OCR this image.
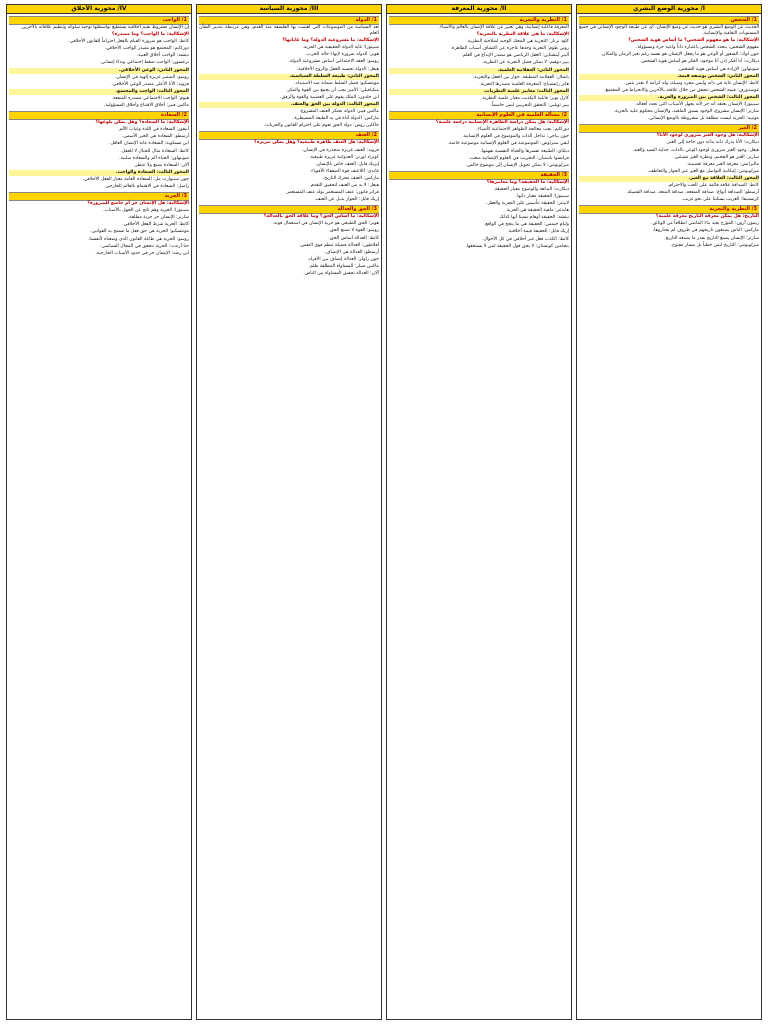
I/ محورية الوضع البشري
1/ الشخص

الحديث عن الوضع البشري هو حديث عن وضع الإنسان، أي عن طبيعة الوجود الإنساني في جميع المستويات الثقافية والإنسانية.

الإشكالية: ما هو مفهوم الشخص؟ ما أساس هوية الشخص؟

مفهوم الشخص: يتحدد الشخص باعتباره ذاتاً واعية حرة ومسؤولة.

جون لوك: الشعور أو الوعي هو ما يجعل الإنسان هو نفسه رغم تغير الزمان والمكان.

ديكارت: أنا أفكر إذن أنا موجود، الفكر هو أساس هوية الشخص.

شوبنهاور: الإرادة هي أساس هوية الشخص.

المحور الثاني: الشخص بوصفه قيمة.

كانط: الإنسان غاية في ذاته وليس مجرد وسيلة، وله كرامة لا تقدر بثمن.

غوسدورف: قيمة الشخص تتحقق من خلال علاقته بالآخرين والانخراط في المجتمع.

المحور الثالث: الشخص بين الضرورة والحرية.

سبينوزا: الإنسان يعتقد أنه حر لأنه يجهل الأسباب التي تحدد أفعاله.

سارتر: الإنسان مشروع، الوجود يسبق الماهية، والإنسان محكوم عليه بالحرية.

مونييه: الحرية ليست مطلقة بل مشروطة بالوضع الإنساني.

2/ الغير

الإشكالية: هل وجود الغير ضروري لوجود الأنا؟

ديكارت: الأنا يدرك ذاته بذاته دون حاجة إلى الغير.

هيغل: وجود الغير ضروري لوجود الوعي بالذات، جدلية السيد والعبد.

سارتر: الغير هو الجحيم، ونظرة الغير تشيئني.

مالبرانش: معرفة الغير معرفة تخمينية.

ميرلوبونتي: إمكانية التواصل مع الغير عبر الحوار والتعاطف.

المحور الثالث: العلاقة مع الغير.

كانط: الصداقة علاقة قائمة على الحب والاحترام.

أرسطو: الصداقة أنواع: صداقة المنفعة، صداقة المتعة، صداقة الفضيلة.

كريستيفا: الغريب يسكننا على نحو غريب.

3/ النظرية والتجربة

التاريخ: هل يمكن معرفة التاريخ معرفة علمية؟

ريمون آرون: المؤرخ يعيد بناء الماضي انطلاقاً من الوثائق.

ماركس: الناس يصنعون تاريخهم في ظروف لم يختاروها.

سارتر: الإنسان يصنع التاريخ بقدر ما يصنعه التاريخ.

ميرلوبونتي: التاريخ ليس خطياً بل مسار مفتوح.

II/ محورية المعرفة
1/ النظرية والتجربة

المعرفة فاعلية إنسانية، وهي تعبير عن علاقة الإنسان بالعالم والأشياء.

الإشكالية: ما هي علاقة النظرية بالتجربة؟

كلود برنار: التجربة هي المحك الوحيد لصلاحية النظرية.

روني طوم: التجربة وحدها عاجزة عن اكتشاف أسباب الظاهرة.

ألبير أينشتاين: العقل الرياضي هو مصدر الإبداع في العلم.

بيير دوهيم: لا يمكن فصل التجربة عن النظرية.

المحور الثاني: العقلانية العلمية.

باشلار: العقلانية المطبقة، حوار بين العقل والتجربة.

هانز رايشنباخ: المعرفة العلمية مصدرها التجربة.

المحور الثالث: معايير علمية النظريات.

كارل بوبر: قابلية التكذيب معيار علمية النظرية.

بيير تويليي: التحقق التجريبي ليس حاسماً.

2/ مسألة العلمية في العلوم الإنسانية

الإشكالية: هل يمكن دراسة الظاهرة الإنسانية دراسة علمية؟

دوركايم: يجب معالجة الظواهر الاجتماعية كأشياء.

جون بياجي: تداخل الذات والموضوع في العلوم الإنسانية.

ليفي ستراوس: الموضوعية في العلوم الإنسانية موضوعية خاصة.

ديلتاي: الطبيعة نفسرها والحياة النفسية نفهمها.

فرانسوا باستيان: التجريب في العلوم الإنسانية صعب.

ميرلوبونتي: لا يمكن تحويل الإنسان إلى موضوع خالص.

3/ الحقيقة

الإشكالية: ما الحقيقة؟ وما معاييرها؟

ديكارت: البداهة والوضوح معيار الحقيقة.

سبينوزا: الحقيقة معيار ذاتها.

لايبنتز: الحقيقة تتأسس على التجربة والعقل.

هايدغر: ماهية الحقيقة هي الحرية.

نيتشه: الحقيقة أوهام نسينا أنها كذلك.

وليام جيمس: الحقيقة هي ما ينجح في الواقع.

إريك فايل: الحقيقة قيمة أخلاقية.

كانط: الكذب فعل غير أخلاقي في كل الأحوال.

بنجامين كونستان: لا يحق قول الحقيقة لمن لا يستحقها.

III/ محورية السياسة
1/ الدولة

تعد السياسة من الموضوعات التي اهتمت بها الفلسفة منذ القدم، وهي مرتبطة بتدبير الشأن العام.

الإشكالية: ما مشروعية الدولة؟ وما غاياتها؟

سبينوزا: غاية الدولة الحقيقية هي الحرية.

هوبز: الدولة ضرورة لإنهاء حالة الحرب.

روسو: العقد الاجتماعي أساس مشروعية الدولة.

هيغل: الدولة تجسيد للعقل والروح الأخلاقية.

المحور الثاني: طبيعة السلطة السياسية.

مونتسكيو: فصل السلط ضمانة ضد الاستبداد.

ميكيافيلي: الأمير يجب أن يجمع بين القوة والمكر.

ابن خلدون: الملك يقوم على العصبية والقوة والرفق.

المحور الثالث: الدولة بين الحق والعنف.

ماكس فيبر: الدولة تحتكر العنف المشروع.

ماركس: الدولة أداة في يد الطبقة المسيطرة.

جاكلين روس: دولة الحق تقوم على احترام القانون والحريات.

2/ العنف

الإشكالية: هل العنف ظاهرة طبيعية؟ وهل يمكن تبريره؟

فرويد: العنف غريزة متجذرة في الإنسان.

كونراد لورنز: العدوانية غريزة طبيعية.

إيريك فايل: العنف خاص بالإنسان.

غاندي: اللاعنف قوة الضعفاء الأقوياء.

ماركس: العنف محرك التاريخ.

هيغل: لا بد من العنف لتحقيق التقدم.

فرانز فانون: عنف المستعمر يولد عنف المستعمر.

إريك فايل: الحوار بديل عن العنف.

3/ الحق والعدالة

الإشكالية: ما أساس الحق؟ وما علاقة الحق بالعدالة؟

هوبز: الحق الطبيعي هو حرية الإنسان في استعمال قوته.

روسو: القوة لا تصنع الحق.

كانط: العدالة أساس الحق.

أفلاطون: العدالة فضيلة تنظم قوى النفس.

أرسطو: العدالة هي الإنصاف.

جون راولز: العدالة إنصاف بين الأفراد.

ماكس شيلر: المساواة المطلقة ظلم.

آلان: العدالة تحقيق المساواة بين الناس.

IV/ محورية الأخلاق
1/ الواجب

إن الإنسان مشروط بقيم أخلاقية يستطيع بواسطتها توجيه سلوكه وتنظيم علاقاته بالآخرين.

الإشكالية: ما الواجب؟ وما مصدره؟

كانط: الواجب هو ضرورة القيام بالفعل احتراماً للقانون الأخلاقي.

دوركايم: المجتمع هو مصدر الواجب الأخلاقي.

نيتشه: الواجب أخلاق العبيد.

برغسون: الواجب ضغط اجتماعي ونداء إنساني.

المحور الثاني: الوعي الأخلاقي.

روسو: الضمير غريزة إلهية في الإنسان.

فرويد: الأنا الأعلى مصدر الوعي الأخلاقي.

المحور الثالث: الواجب والمجتمع.

هيوم: الواجب الاجتماعي مصدره المنفعة.

ماكس فيبر: أخلاق الاقتناع وأخلاق المسؤولية.

2/ السعادة

الإشكالية: ما السعادة؟ وهل يمكن بلوغها؟

أبيقور: السعادة في اللذة وغياب الألم.

أرسطو: السعادة هي الخير الأسمى.

ابن مسكويه: السعادة غاية الإنسان العاقل.

كانط: السعادة مثال للخيال لا للعقل.

شوبنهاور: الحياة ألم والسعادة سلبية.

آلان: السعادة تصنع ولا تنتظر.

المحور الثالث: السعادة والواجب.

جون ستيوارت مل: السعادة العامة معيار الفعل الأخلاقي.

راسل: السعادة في الاهتمام بالعالم الخارجي.

3/ الحرية

الإشكالية: هل الإنسان حر أم خاضع للضرورة؟

سبينوزا: الحرية وهم ناتج عن الجهل بالأسباب.

سارتر: الإنسان حر حرية مطلقة.

كانط: الحرية شرط الفعل الأخلاقي.

مونتسكيو: الحرية هي حق فعل ما تسمح به القوانين.

روسو: الحرية هي طاعة القانون الذي وضعناه لأنفسنا.

حنا أرندت: الحرية تتحقق في المجال السياسي.

ابن رشد: الإنسان حر في حدود الأسباب الخارجية.
